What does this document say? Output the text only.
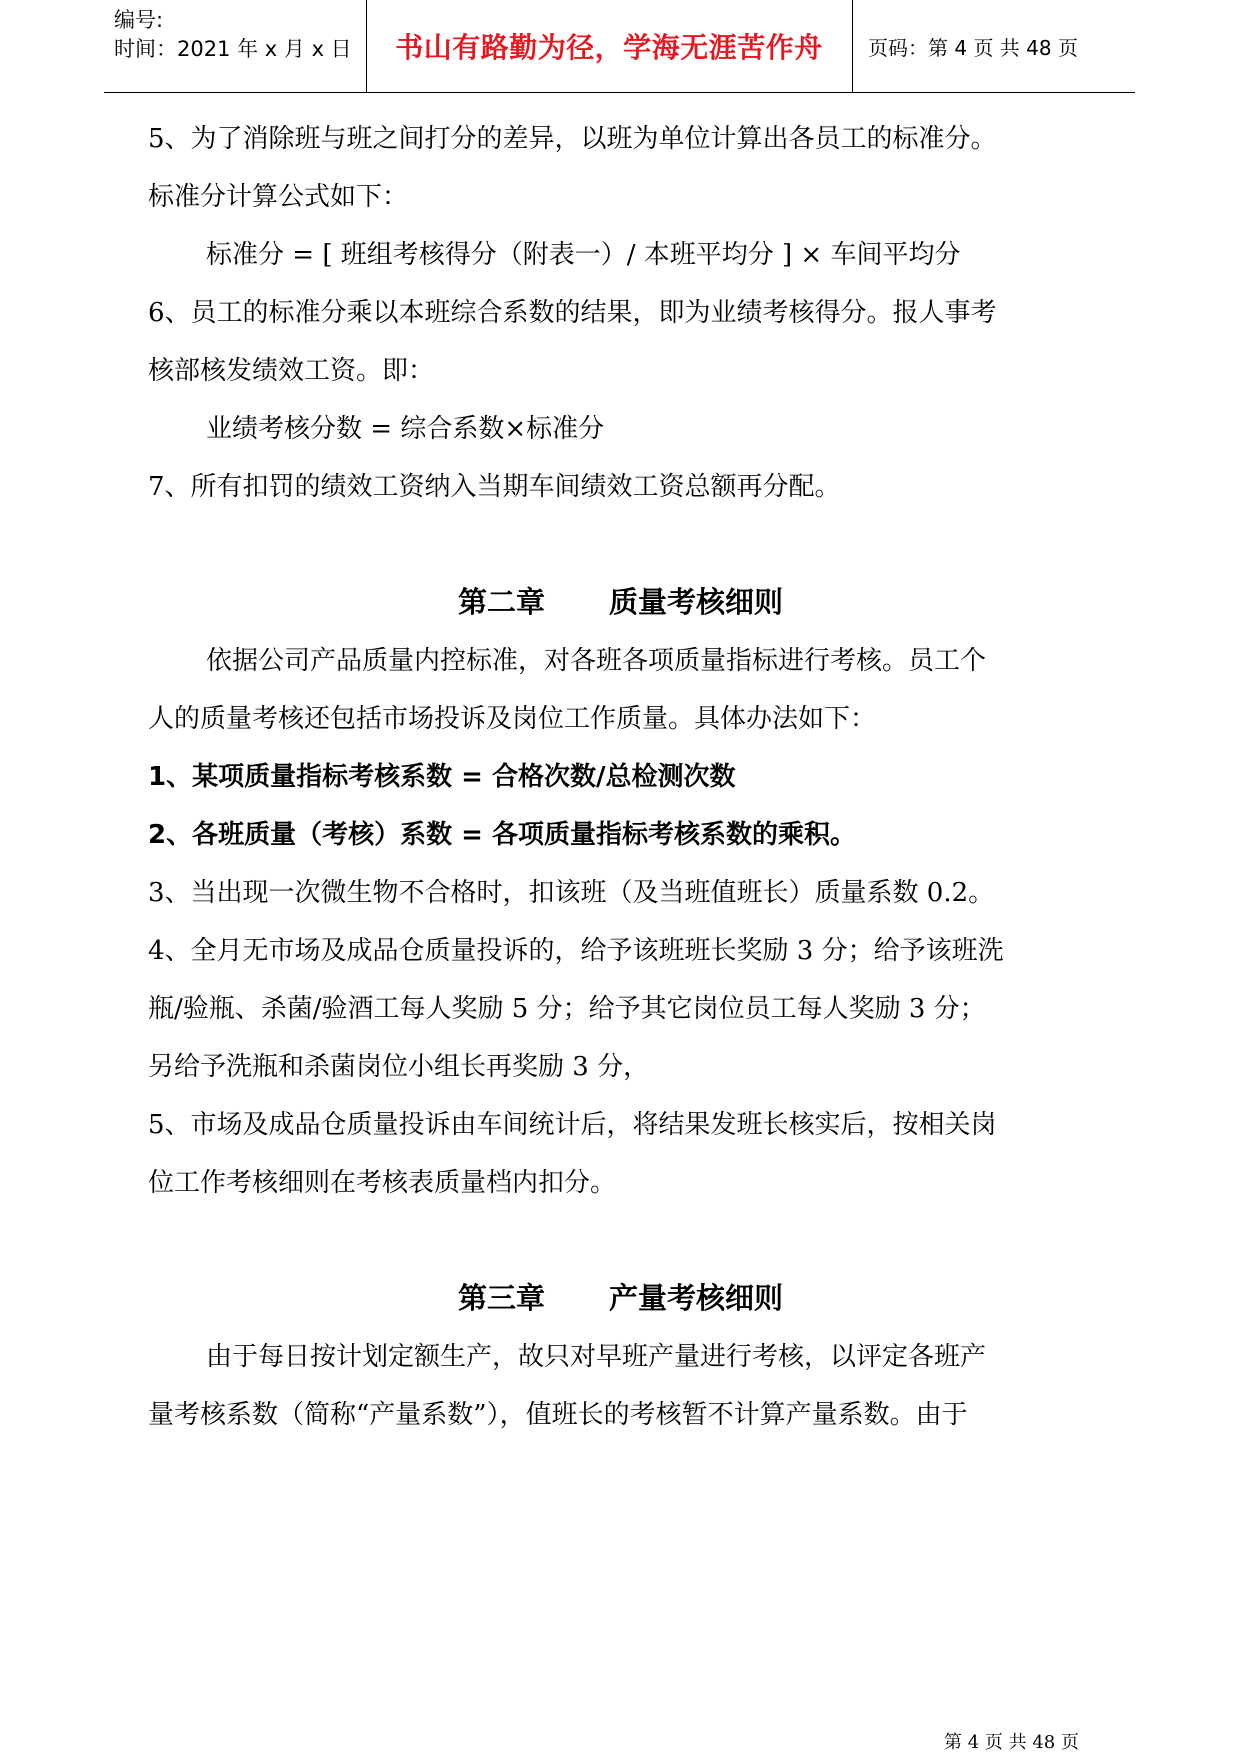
编号:
时间：2021 年 x 月 x 日	书山有路勤为径，学海无涯苦作舟	页码：第 4 页 共 48 页
5、为了消除班与班之间打分的差异，以班为单位计算出各员工的标准分。
标准分计算公式如下：
标准分 = [ 班组考核得分（附表一）/ 本班平均分 ] × 车间平均分
6、员工的标准分乘以本班综合系数的结果，即为业绩考核得分。报人事考
核部核发绩效工资。即：
业绩考核分数 = 综合系数×标准分
7、所有扣罚的绩效工资纳入当期车间绩效工资总额再分配。
第二章 质量考核细则
依据公司产品质量内控标准，对各班各项质量指标进行考核。员工个
人的质量考核还包括市场投诉及岗位工作质量。具体办法如下：
1、某项质量指标考核系数 = 合格次数/总检测次数
2、各班质量（考核）系数 = 各项质量指标考核系数的乘积。
3、当出现一次微生物不合格时，扣该班（及当班值班长）质量系数 0.2。
4、全月无市场及成品仓质量投诉的，给予该班班长奖励 3 分；给予该班洗
瓶/验瓶、杀菌/验酒工每人奖励 5 分；给予其它岗位员工每人奖励 3 分；
另给予洗瓶和杀菌岗位小组长再奖励 3 分，
5、市场及成品仓质量投诉由车间统计后，将结果发班长核实后，按相关岗
位工作考核细则在考核表质量档内扣分。
第三章 产量考核细则
由于每日按计划定额生产，故只对早班产量进行考核，以评定各班产
量考核系数（简称“产量系数”），值班长的考核暂不计算产量系数。由于
第 4 页 共 48 页
